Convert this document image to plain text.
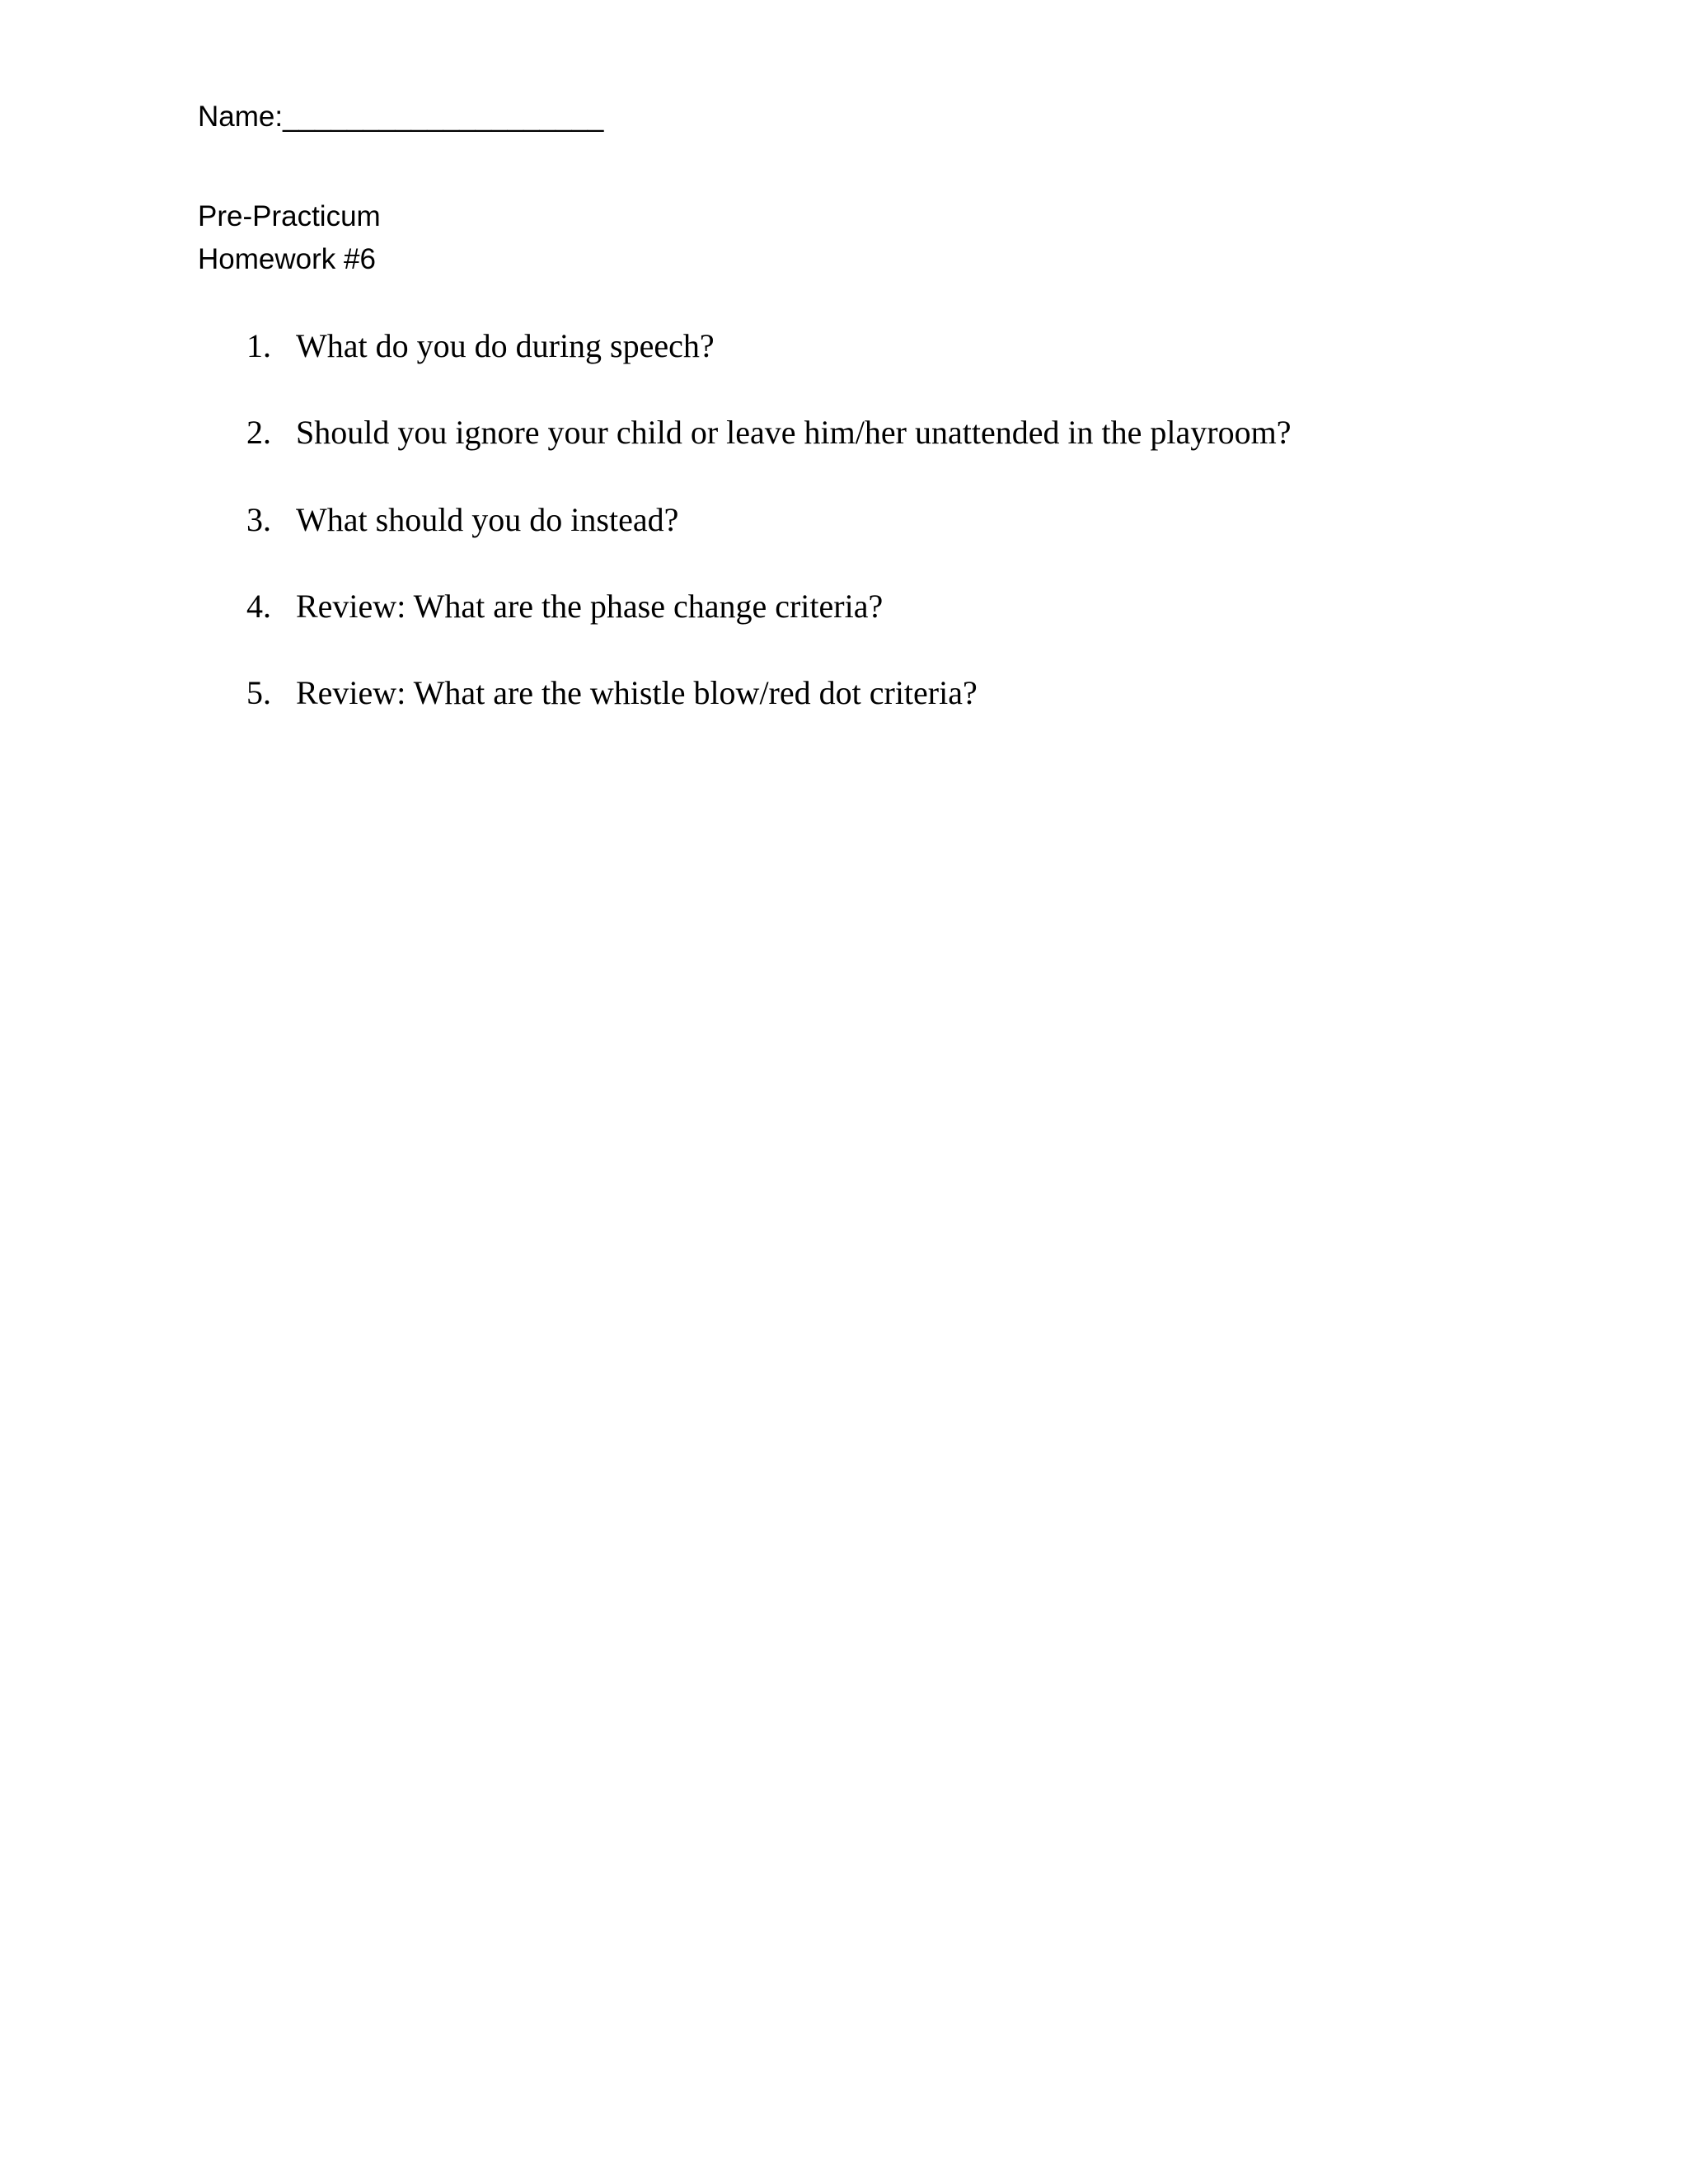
Name:____________________
Pre-Practicum
Homework #6
1. What do you do during speech?
2. Should you ignore your child or leave him/her unattended in the playroom?
3. What should you do instead?
4. Review: What are the phase change criteria?
5. Review: What are the whistle blow/red dot criteria?
